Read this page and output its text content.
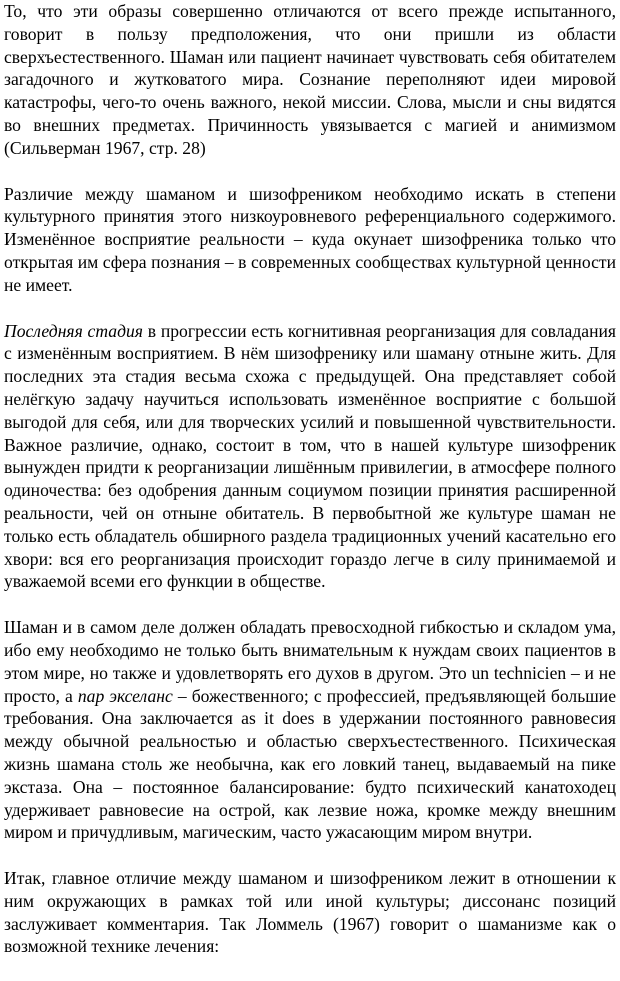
То, что эти образы совершенно отличаются от всего прежде испытанного, говорит в пользу предположения, что они пришли из области сверхъестественного. Шаман или пациент начинает чувствовать себя обитателем загадочного и жутковатого мира. Сознание переполняют идеи мировой катастрофы, чего-то очень важного, некой миссии. Слова, мысли и сны видятся во внешних предметах. Причинность увязывается с магией и анимизмом (Сильверман 1967, стр. 28)

Различие между шаманом и шизофреником необходимо искать в степени культурного принятия этого низкоуровневого референциального содержимого. Изменённое восприятие реальности – куда окунает шизофреника только что открытая им сфера познания – в современных сообществах культурной ценности не имеет.

Последняя стадия в прогрессии есть когнитивная реорганизация для совладания с изменённым восприятием. В нём шизофренику или шаману отныне жить. Для последних эта стадия весьма схожа с предыдущей. Она представляет собой нелёгкую задачу научиться использовать изменённое восприятие с большой выгодой для себя, или для творческих усилий и повышенной чувствительности. Важное различие, однако, состоит в том, что в нашей культуре шизофреник вынужден придти к реорганизации лишённым привилегии, в атмосфере полного одиночества: без одобрения данным социумом позиции принятия расширенной реальности, чей он отныне обитатель. В первобытной же культуре шаман не только есть обладатель обширного раздела традиционных учений касательно его хвори: вся его реорганизация происходит гораздо легче в силу принимаемой и уважаемой всеми его функции в обществе.

Шаман и в самом деле должен обладать превосходной гибкостью и складом ума, ибо ему необходимо не только быть внимательным к нуждам своих пациентов в этом мире, но также и удовлетворять его духов в другом. Это un technicien – и не просто, а пар экселанс – божественного; с профессией, предъявляющей большие требования. Она заключается as it does в удержании постоянного равновесия между обычной реальностью и областью сверхъестественного. Психическая жизнь шамана столь же необычна, как его ловкий танец, выдаваемый на пике экстаза. Она – постоянное балансирование: будто психический канатоходец удерживает равновесие на острой, как лезвие ножа, кромке между внешним миром и причудливым, магическим, часто ужасающим миром внутри.

Итак, главное отличие между шаманом и шизофреником лежит в отношении к ним окружающих в рамках той или иной культуры; диссонанс позиций заслуживает комментария. Так Ломмель (1967) говорит о шаманизме как о возможной технике лечения:
